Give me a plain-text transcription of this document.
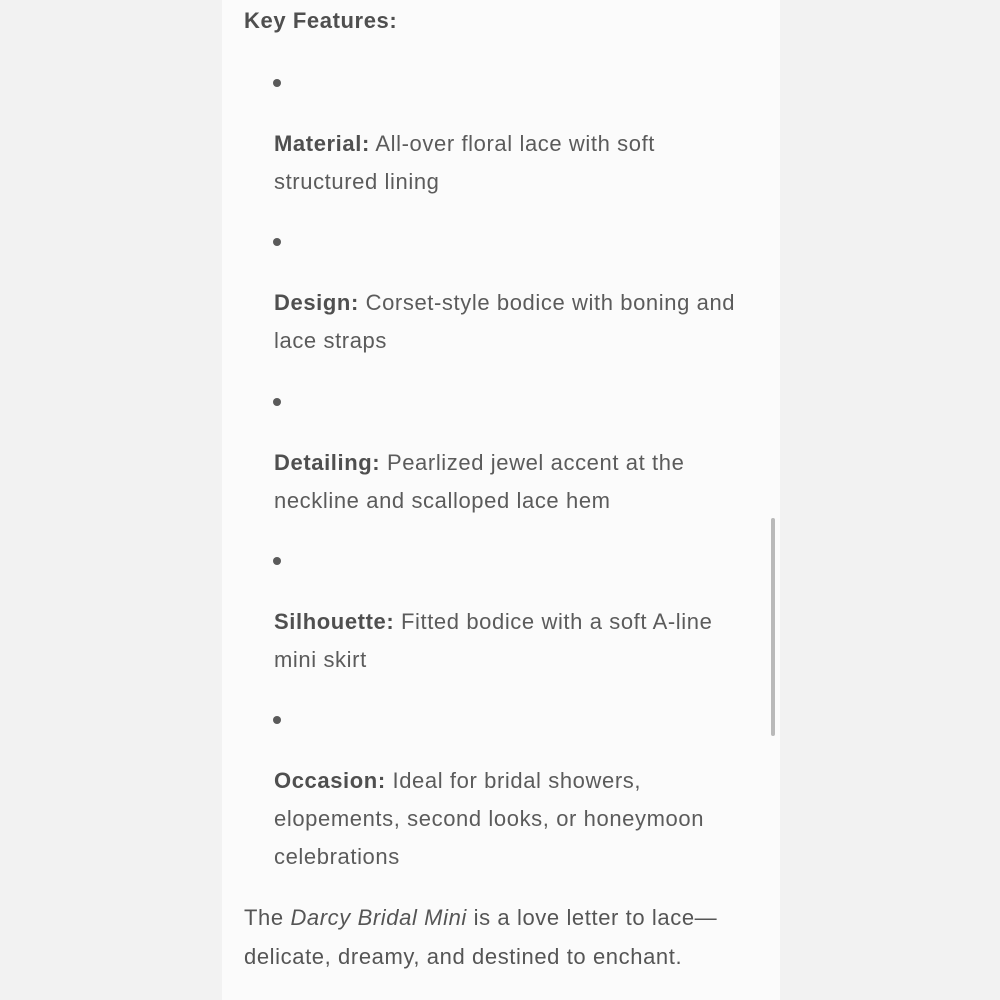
Key Features:
Material: All-over floral lace with soft structured lining
Design: Corset-style bodice with boning and lace straps
Detailing: Pearlized jewel accent at the neckline and scalloped lace hem
Silhouette: Fitted bodice with a soft A-line mini skirt
Occasion: Ideal for bridal showers, elopements, second looks, or honeymoon celebrations
The Darcy Bridal Mini is a love letter to lace—delicate, dreamy, and destined to enchant.
